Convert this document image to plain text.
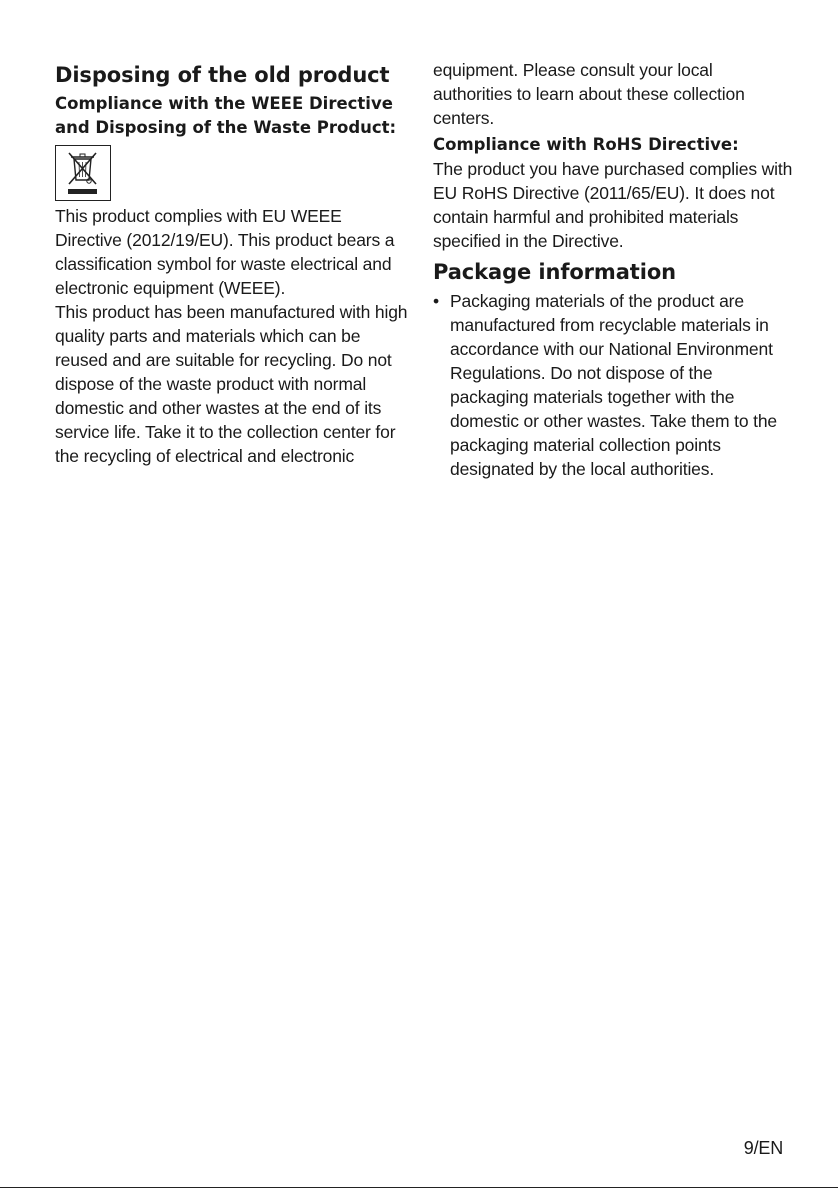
Disposing of the old product
Compliance with the WEEE Directive and Disposing of the Waste Product:

This product complies with EU WEEE Directive (2012/19/EU). This product bears a classification symbol for waste electrical and electronic equipment (WEEE).

This product has been manufactured with high quality parts and materials which can be reused and are suitable for recycling. Do not dispose of the waste product with normal domestic and other wastes at the end of its service life. Take it to the collection center for the recycling of electrical and electronic

equipment. Please consult your local authorities to learn about these collection centers.

Compliance with RoHS Directive:

The product you have purchased complies with EU RoHS Directive (2011/65/EU). It does not contain harmful and prohibited materials specified in the Directive.

Package information
• Packaging materials of the product are manufactured from recyclable materials in accordance with our National Environment Regulations. Do not dispose of the packaging materials together with the domestic or other wastes. Take them to the packaging material collection points designated by the local authorities.

9/EN
